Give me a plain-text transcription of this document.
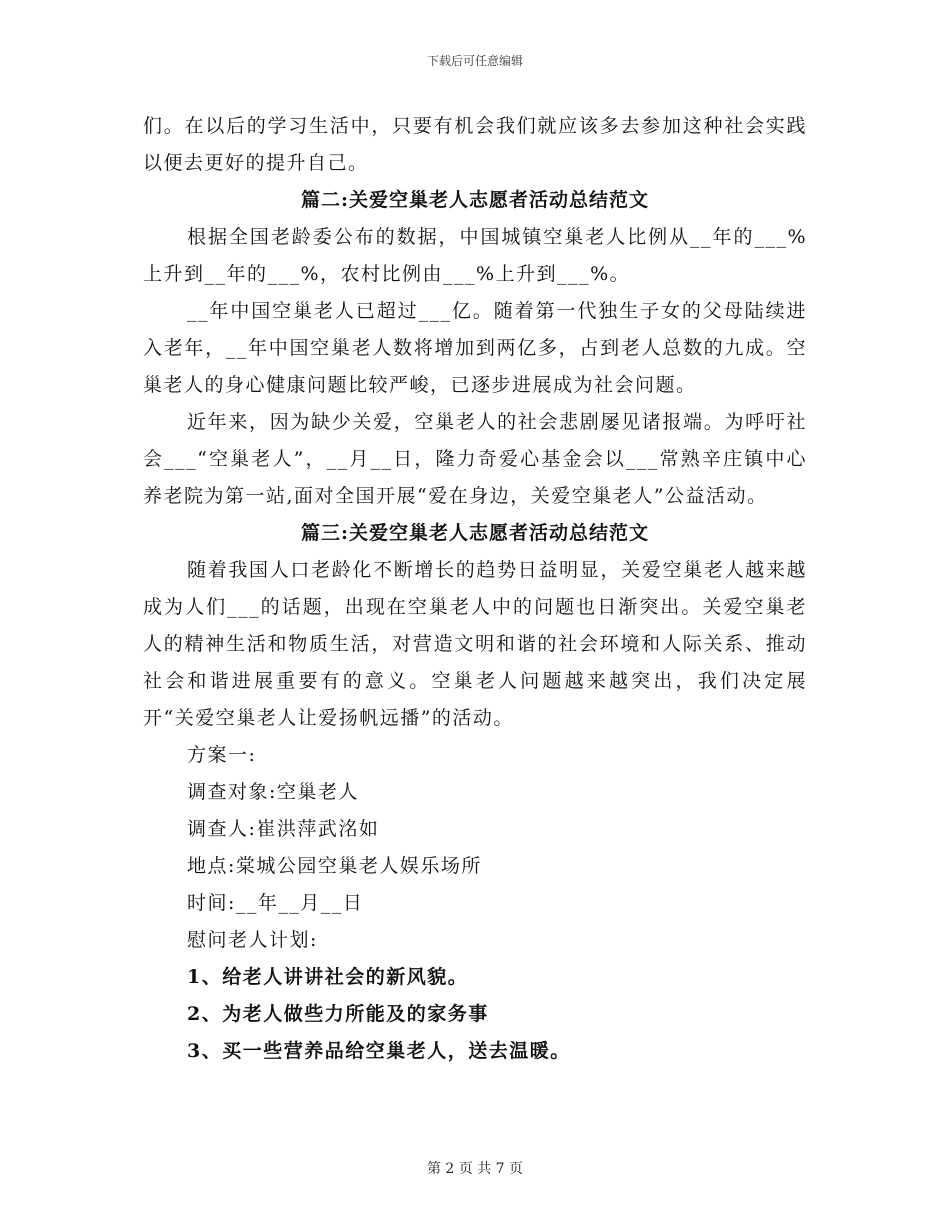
下载后可任意编辑

们。在以后的学习生活中，只要有机会我们就应该多去参加这种社会实践以便去更好的提升自己。

篇二:关爱空巢老人志愿者活动总结范文

根据全国老龄委公布的数据，中国城镇空巢老人比例从__年的___%上升到__年的___%，农村比例由___%上升到___%。

__年中国空巢老人已超过___亿。随着第一代独生子女的父母陆续进入老年，__年中国空巢老人数将增加到两亿多，占到老人总数的九成。空巢老人的身心健康问题比较严峻，已逐步进展成为社会问题。

近年来，因为缺少关爱，空巢老人的社会悲剧屡见诸报端。为呼吁社会___“空巢老人”，__月__日，隆力奇爱心基金会以___常熟辛庄镇中心养老院为第一站,面对全国开展“爱在身边，关爱空巢老人”公益活动。

篇三:关爱空巢老人志愿者活动总结范文

随着我国人口老龄化不断增长的趋势日益明显，关爱空巢老人越来越成为人们___的话题，出现在空巢老人中的问题也日渐突出。关爱空巢老人的精神生活和物质生活，对营造文明和谐的社会环境和人际关系、推动社会和谐进展重要有的意义。空巢老人问题越来越突出，我们决定展开“关爱空巢老人让爱扬帆远播”的活动。

方案一:

调查对象:空巢老人

调查人:崔洪萍武洺如

地点:棠城公园空巢老人娱乐场所

时间:__年__月__日

慰问老人计划:

1、给老人讲讲社会的新风貌。

2、为老人做些力所能及的家务事

3、买一些营养品给空巢老人，送去温暖。

第 2 页 共 7 页
